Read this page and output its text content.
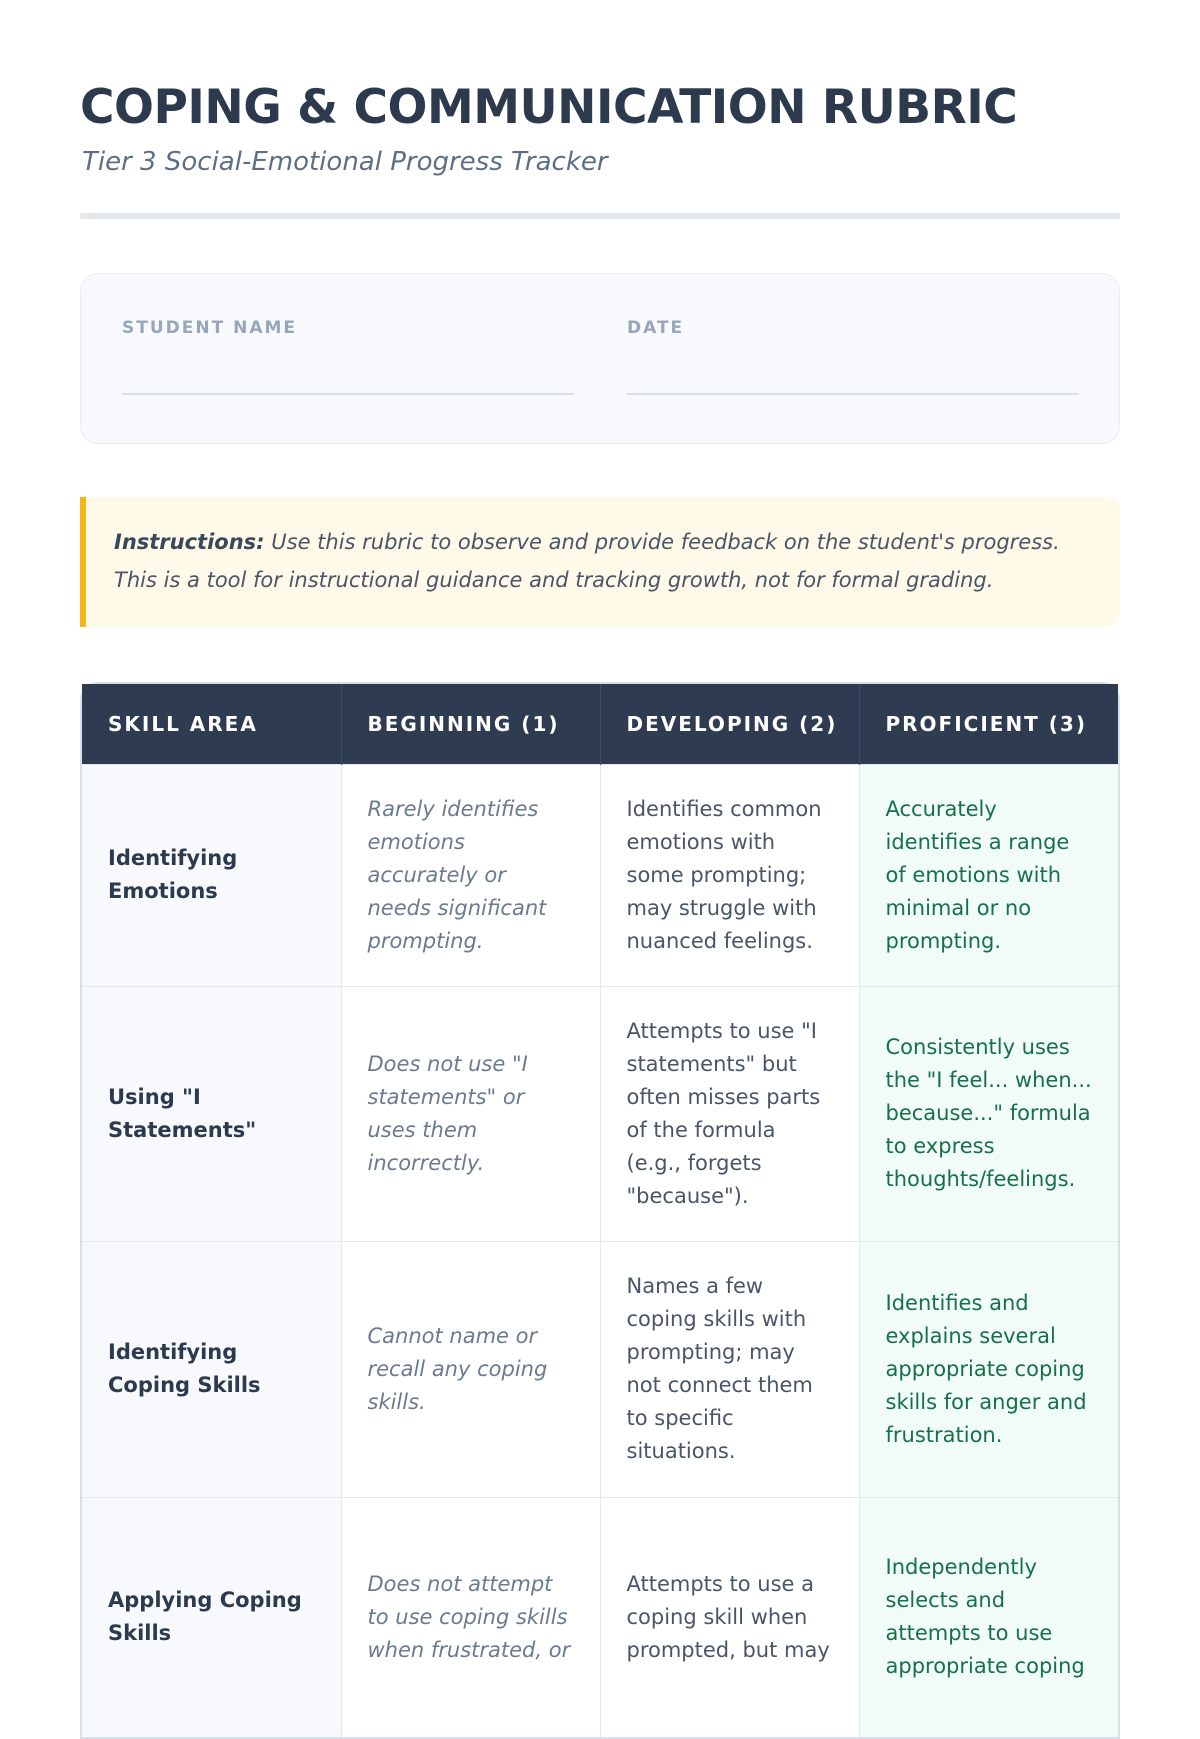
COPING & COMMUNICATION RUBRIC
Tier 3 Social-Emotional Progress Tracker
STUDENT NAME	DATE
Instructions: Use this rubric to observe and provide feedback on the student's progress. This is a tool for instructional guidance and tracking growth, not for formal grading.
SKILL AREA	BEGINNING (1)	DEVELOPING (2)	PROFICIENT (3)
Identifying Emotions	Rarely identifies emotions accurately or needs significant prompting.	Identifies common emotions with some prompting; may struggle with nuanced feelings.	Accurately identifies a range of emotions with minimal or no prompting.
Using "I Statements"	Does not use "I statements" or uses them incorrectly.	Attempts to use "I statements" but often misses parts of the formula (e.g., forgets "because").	Consistently uses the "I feel... when... because..." formula to express thoughts/feelings.
Identifying Coping Skills	Cannot name or recall any coping skills.	Names a few coping skills with prompting; may not connect them to specific situations.	Identifies and explains several appropriate coping skills for anger and frustration.
Applying Coping Skills	Does not attempt to use coping skills when frustrated, or	Attempts to use a coping skill when prompted, but may	Independently selects and attempts to use appropriate coping
